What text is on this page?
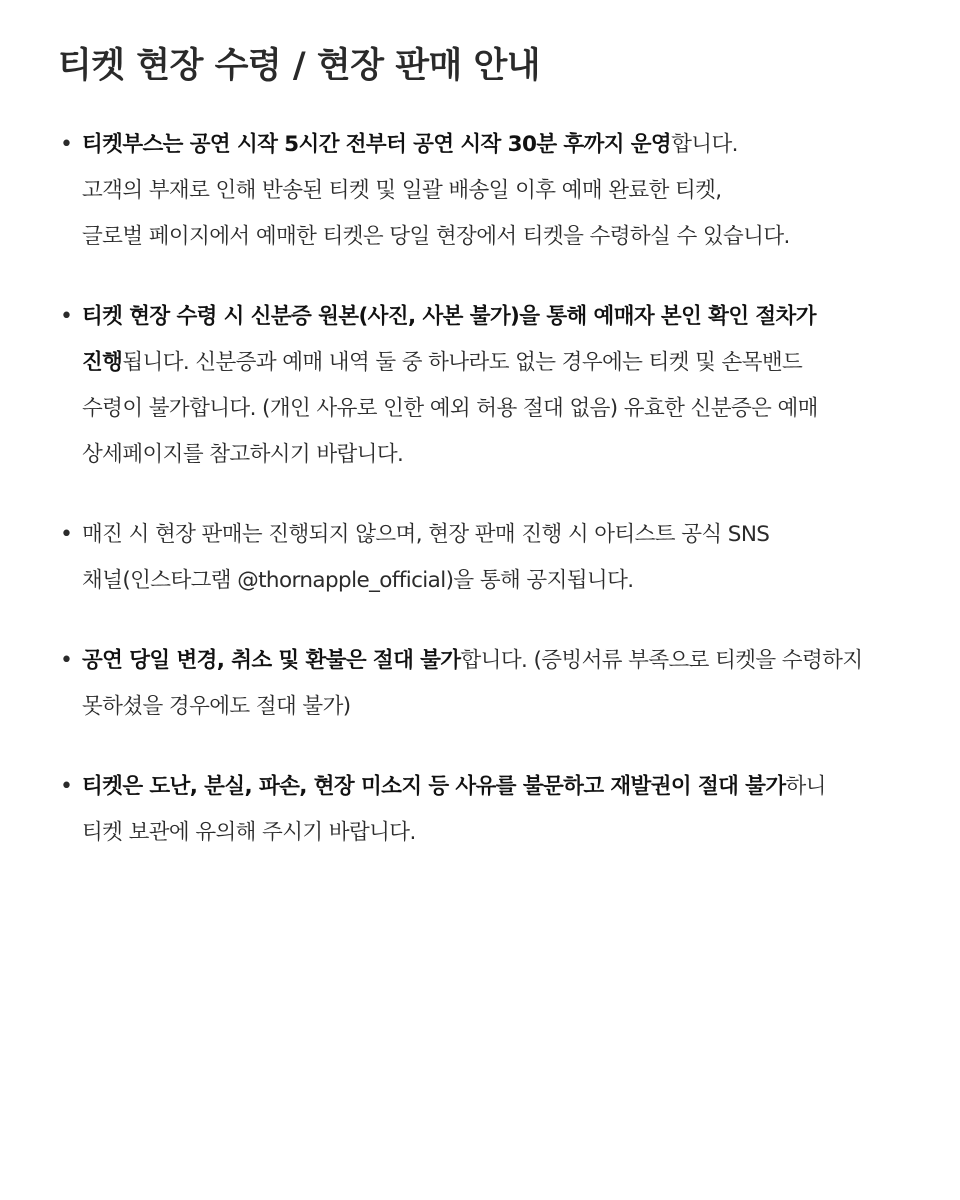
티켓 현장 수령 / 현장 판매 안내
• 티켓부스는 공연 시작 5시간 전부터 공연 시작 30분 후까지 운영합니다.
고객의 부재로 인해 반송된 티켓 및 일괄 배송일 이후 예매 완료한 티켓,
글로벌 페이지에서 예매한 티켓은 당일 현장에서 티켓을 수령하실 수 있습니다.
• 티켓 현장 수령 시 신분증 원본(사진, 사본 불가)을 통해 예매자 본인 확인 절차가
진행됩니다. 신분증과 예매 내역 둘 중 하나라도 없는 경우에는 티켓 및 손목밴드
수령이 불가합니다. (개인 사유로 인한 예외 허용 절대 없음) 유효한 신분증은 예매
상세페이지를 참고하시기 바랍니다.
• 매진 시 현장 판매는 진행되지 않으며, 현장 판매 진행 시 아티스트 공식 SNS
채널(인스타그램 @thornapple_official)을 통해 공지됩니다.
• 공연 당일 변경, 취소 및 환불은 절대 불가합니다. (증빙서류 부족으로 티켓을 수령하지
못하셨을 경우에도 절대 불가)
• 티켓은 도난, 분실, 파손, 현장 미소지 등 사유를 불문하고 재발권이 절대 불가하니
티켓 보관에 유의해 주시기 바랍니다.
